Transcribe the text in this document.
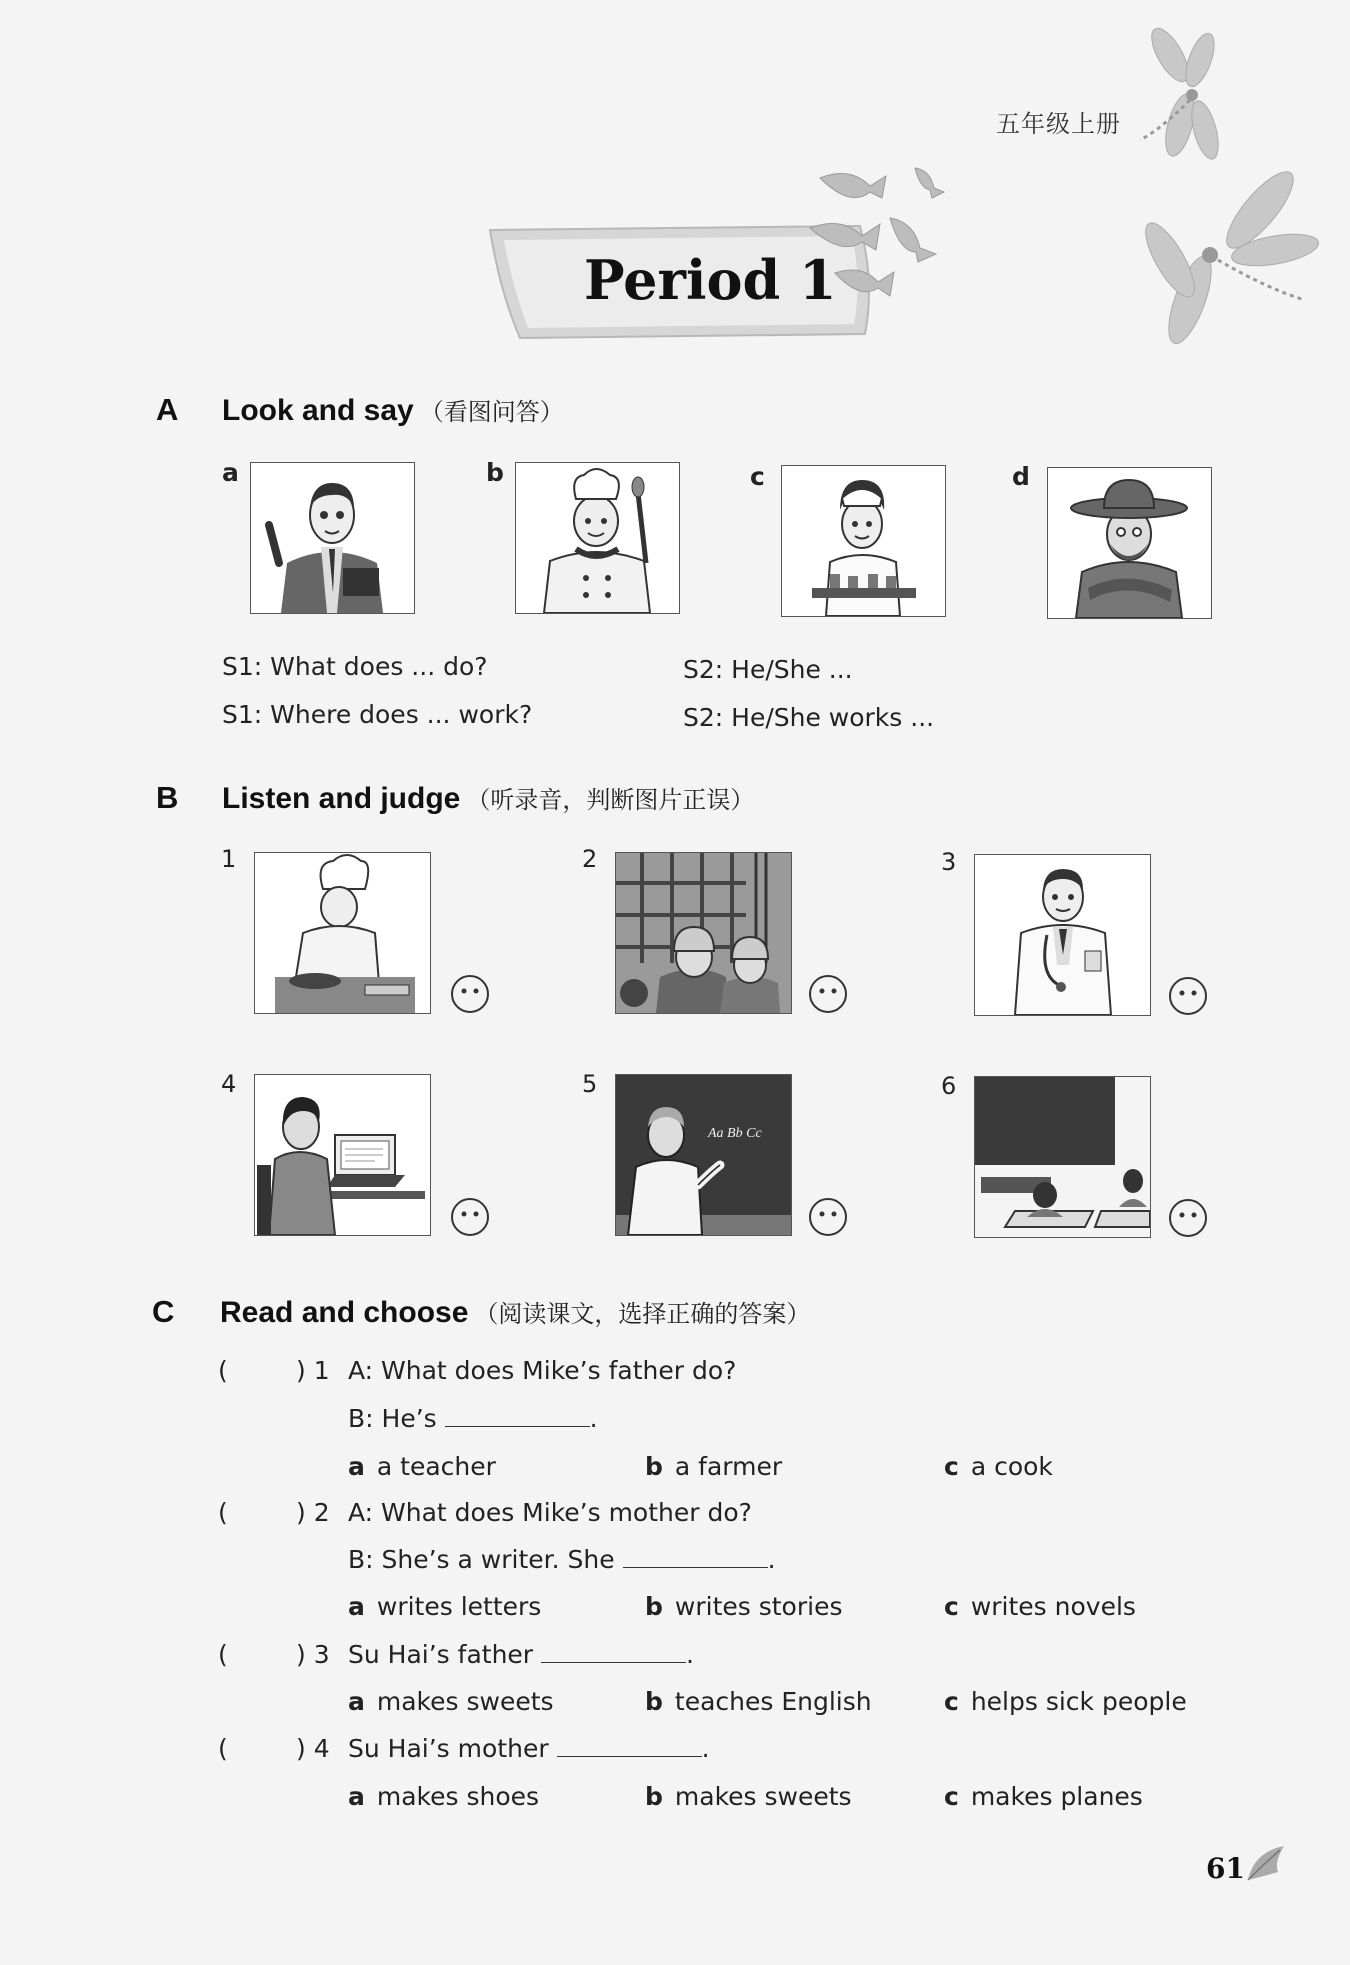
五年级上册
Period 1
A Look and say （看图问答）
a	b	c	d
S1: What does ... do?	S2: He/She ...
S1: Where does ... work?	S2: He/She works ...
B Listen and judge （听录音，判断图片正误）
1	2	3
4	5
Aa Bb Cc
6
C Read and choose （阅读课文，选择正确的答案）
(	) 1 A: What does Mike’s father do?
B: He’s	.
a a teacher	b a farmer	c a cook
(	) 2 A: What does Mike’s mother do?
B: She’s a writer. She	.
a writes letters	b writes stories	c writes novels
(	) 3 Su Hai’s father	.
a makes sweets	b teaches English	c helps sick people
(	) 4 Su Hai’s mother	.
a makes shoes	b makes sweets	c makes planes
61
